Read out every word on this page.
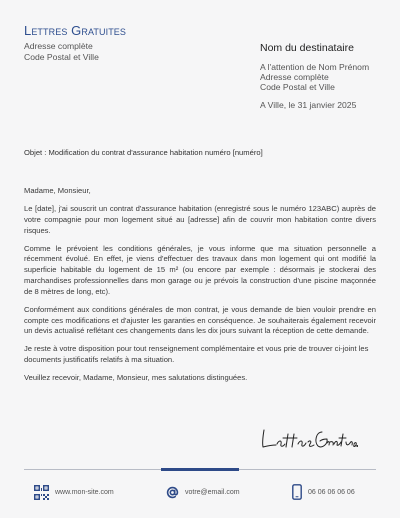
Lettres Gratuites
Adresse complète
Code Postal et Ville
Nom du destinataire
A l'attention de Nom Prénom
Adresse complète
Code Postal et Ville
A Ville, le 31 janvier 2025
Objet : Modification du contrat d'assurance habitation numéro [numéro]

Madame, Monsieur,

Le [date], j'ai souscrit un contrat d'assurance habitation (enregistré sous le numéro 123ABC) auprès de votre compagnie pour mon logement situé au [adresse] afin de couvrir mon habitation contre divers risques.

Comme le prévoient les conditions générales, je vous informe que ma situation personnelle a récemment évolué. En effet, je viens d'effectuer des travaux dans mon logement qui ont modifié la superficie habitable du logement de 15 m² (ou encore par exemple : désormais je stockerai des marchandises professionnelles dans mon garage ou je prévois la construction d'une piscine maçonnée de 8 mètres de long, etc).

Conformément aux conditions générales de mon contrat, je vous demande de bien vouloir prendre en compte ces modifications et d'ajuster les garanties en conséquence. Je souhaiterais également recevoir un devis actualisé reflétant ces changements dans les dix jours suivant la réception de cette demande.

Je reste à votre disposition pour tout renseignement complémentaire et vous prie de trouver ci-joint les documents justificatifs relatifs à ma situation.

Veuillez recevoir, Madame, Monsieur, mes salutations distinguées.

www.mon-site.com	votre@email.com	06 06 06 06 06
